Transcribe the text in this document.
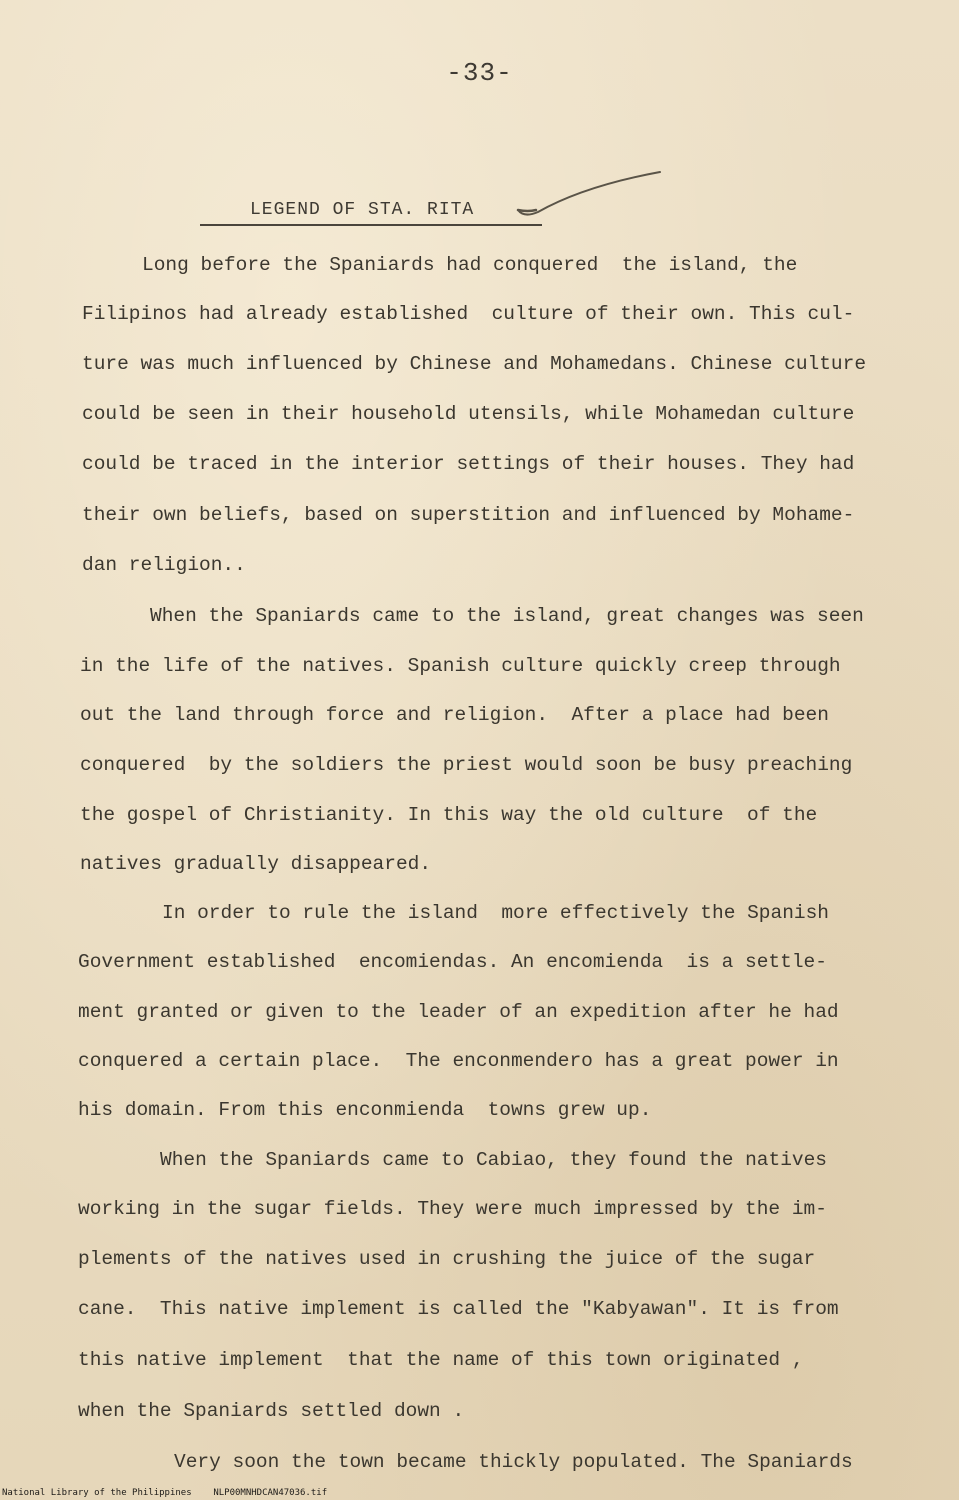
-33-
LEGEND OF STA. RITA
Long before the Spaniards had conquered  the island, the
Filipinos had already established  culture of their own. This cul-
ture was much influenced by Chinese and Mohamedans. Chinese culture
could be seen in their household utensils, while Mohamedan culture
could be traced in the interior settings of their houses. They had
their own beliefs, based on superstition and influenced by Mohame-
dan religion..
When the Spaniards came to the island, great changes was seen
in the life of the natives. Spanish culture quickly creep through
out the land through force and religion.  After a place had been
conquered  by the soldiers the priest would soon be busy preaching
the gospel of Christianity. In this way the old culture  of the
natives gradually disappeared.
In order to rule the island  more effectively the Spanish
Government established  encomiendas. An encomienda  is a settle-
ment granted or given to the leader of an expedition after he had
conquered a certain place.  The enconmendero has a great power in
his domain. From this enconmienda  towns grew up.
When the Spaniards came to Cabiao, they found the natives
working in the sugar fields. They were much impressed by the im-
plements of the natives used in crushing the juice of the sugar
cane.  This native implement is called the "Kabyawan". It is from
this native implement  that the name of this town originated ,
when the Spaniards settled down .
Very soon the town became thickly populated. The Spaniards
National Library of the Philippines    NLP00MNHDCAN47036.tif
